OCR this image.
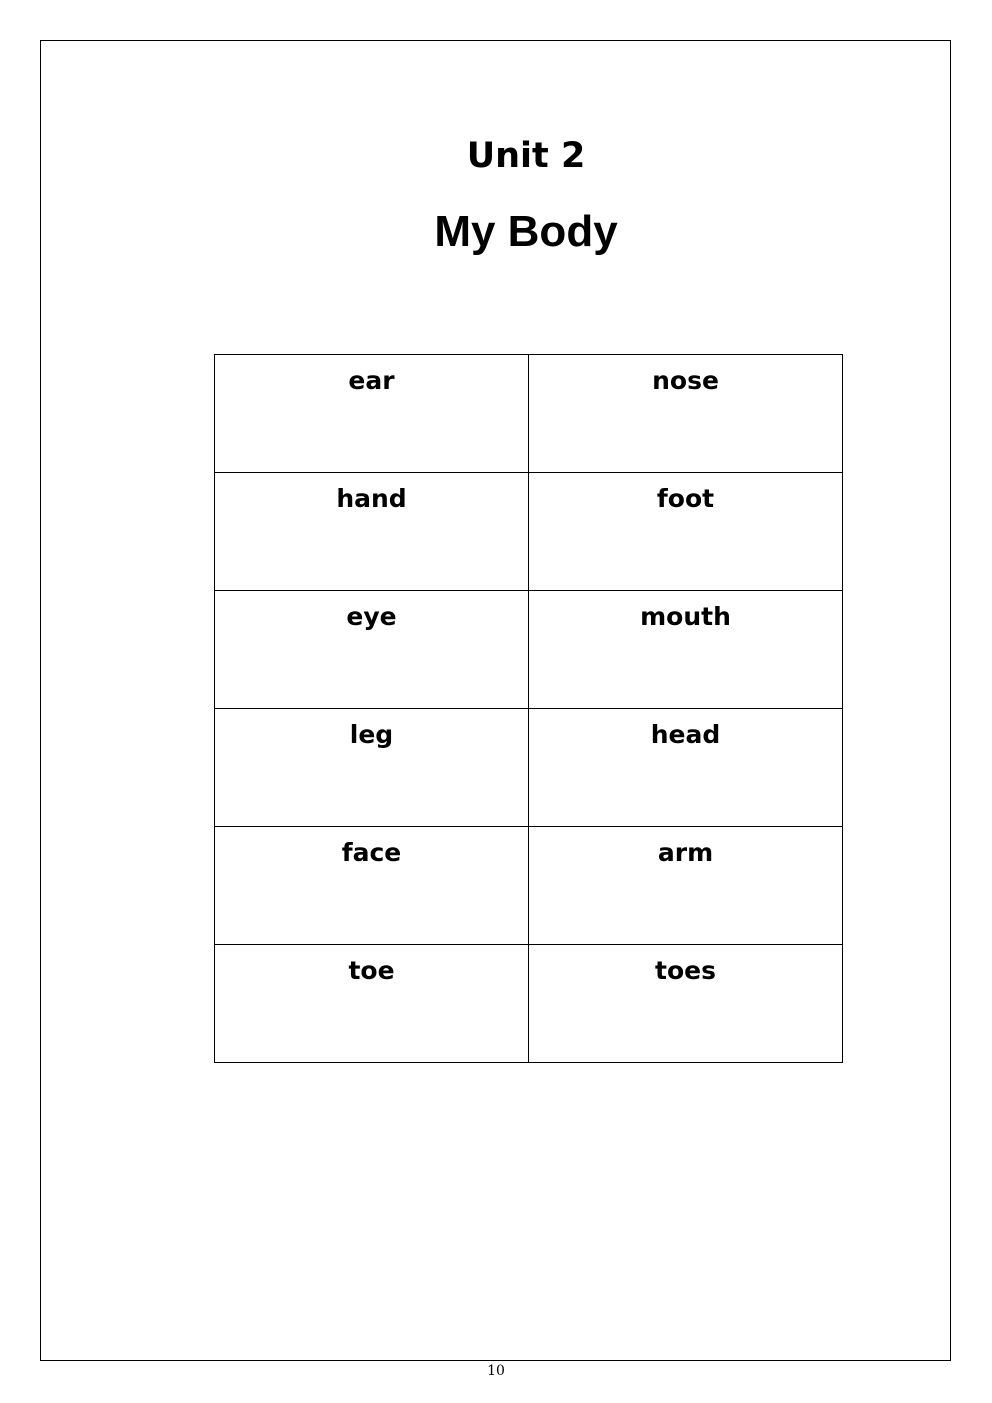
Unit 2
My Body
ear	nose
hand	foot
eye	mouth
leg	head
face	arm
toe	toes
10
